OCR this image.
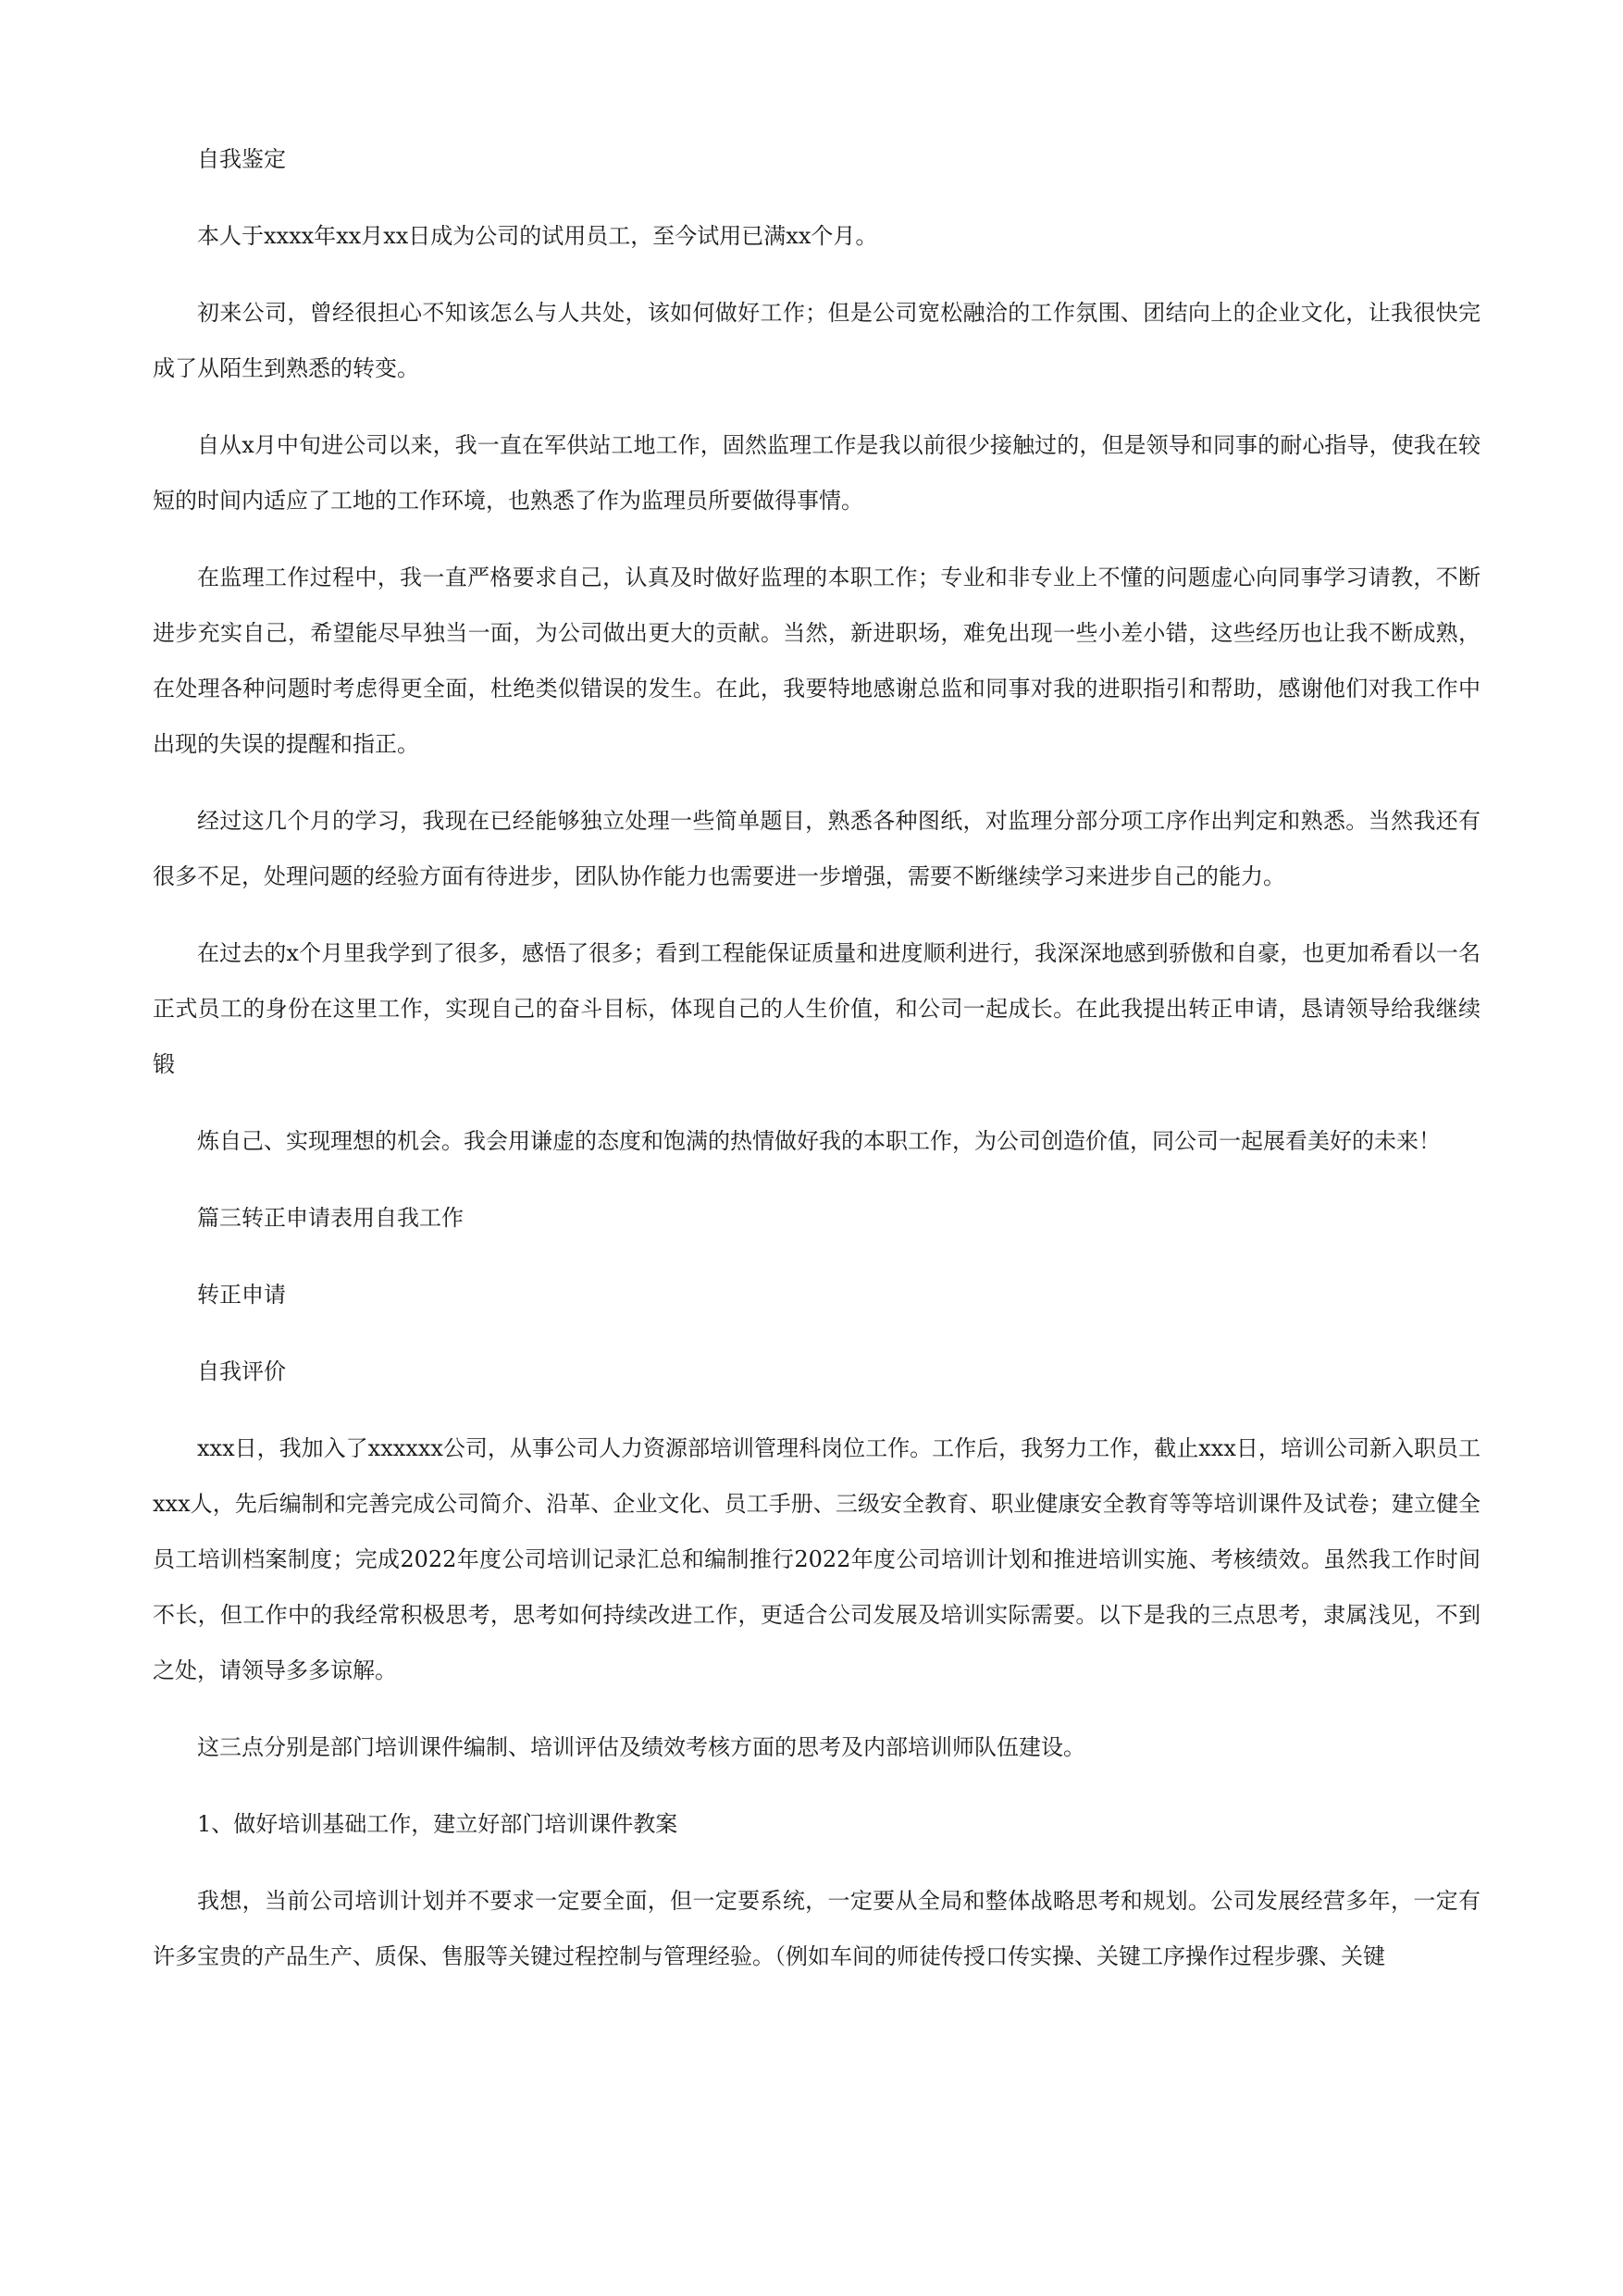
自我鉴定

本人于xxxx年xx月xx日成为公司的试用员工，至今试用已满xx个月。

初来公司，曾经很担心不知该怎么与人共处，该如何做好工作；但是公司宽松融洽的工作氛围、团结向上的企业文化，让我很快完成了从陌生到熟悉的转变。

自从x月中旬进公司以来，我一直在军供站工地工作，固然监理工作是我以前很少接触过的，但是领导和同事的耐心指导，使我在较短的时间内适应了工地的工作环境，也熟悉了作为监理员所要做得事情。

在监理工作过程中，我一直严格要求自己，认真及时做好监理的本职工作；专业和非专业上不懂的问题虚心向同事学习请教，不断进步充实自己，希望能尽早独当一面，为公司做出更大的贡献。当然，新进职场，难免出现一些小差小错，这些经历也让我不断成熟，在处理各种问题时考虑得更全面，杜绝类似错误的发生。在此，我要特地感谢总监和同事对我的进职指引和帮助，感谢他们对我工作中出现的失误的提醒和指正。

经过这几个月的学习，我现在已经能够独立处理一些简单题目，熟悉各种图纸，对监理分部分项工序作出判定和熟悉。当然我还有很多不足，处理问题的经验方面有待进步，团队协作能力也需要进一步增强，需要不断继续学习来进步自己的能力。

在过去的x个月里我学到了很多，感悟了很多；看到工程能保证质量和进度顺利进行，我深深地感到骄傲和自豪，也更加希看以一名正式员工的身份在这里工作，实现自己的奋斗目标，体现自己的人生价值，和公司一起成长。在此我提出转正申请，恳请领导给我继续锻

炼自己、实现理想的机会。我会用谦虚的态度和饱满的热情做好我的本职工作，为公司创造价值，同公司一起展看美好的未来！

篇三转正申请表用自我工作

转正申请

自我评价

xxx日，我加入了xxxxxx公司，从事公司人力资源部培训管理科岗位工作。工作后，我努力工作，截止xxx日，培训公司新入职员工xxx人，先后编制和完善完成公司简介、沿革、企业文化、员工手册、三级安全教育、职业健康安全教育等等培训课件及试卷；建立健全员工培训档案制度；完成2022年度公司培训记录汇总和编制推行2022年度公司培训计划和推进培训实施、考核绩效。虽然我工作时间不长，但工作中的我经常积极思考，思考如何持续改进工作，更适合公司发展及培训实际需要。以下是我的三点思考，隶属浅见，不到之处，请领导多多谅解。

这三点分别是部门培训课件编制、培训评估及绩效考核方面的思考及内部培训师队伍建设。

1、做好培训基础工作，建立好部门培训课件教案

我想，当前公司培训计划并不要求一定要全面，但一定要系统，一定要从全局和整体战略思考和规划。公司发展经营多年，一定有许多宝贵的产品生产、质保、售服等关键过程控制与管理经验。（例如车间的师徒传授口传实操、关键工序操作过程步骤、关键
